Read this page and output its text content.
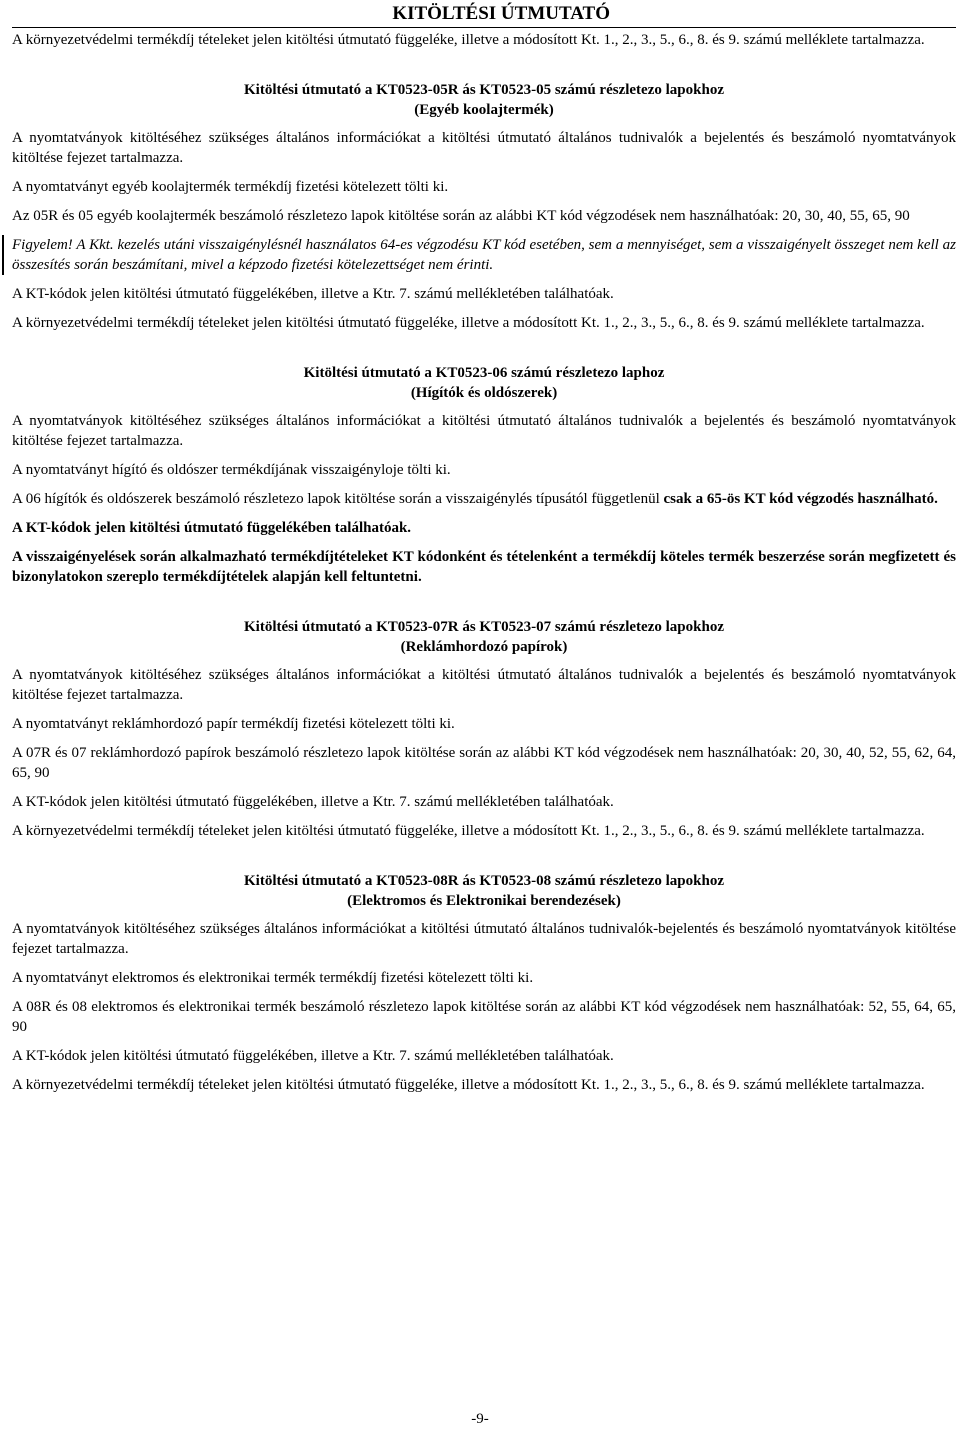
KITÖLTÉSI ÚTMUTATÓ

A környezetvédelmi termékdíj tételeket jelen kitöltési útmutató függeléke, illetve a módosított Kt. 1., 2., 3., 5., 6., 8. és 9. számú melléklete tartalmazza.

Kitöltési útmutató a KT0523-05R ás KT0523-05 számú részletezo lapokhoz

(Egyéb koolajtermék)

A nyomtatványok kitöltéséhez szükséges általános információkat a kitöltési útmutató általános tudnivalók a bejelentés és beszámoló nyomtatványok kitöltése fejezet tartalmazza.

A nyomtatványt egyéb koolajtermék termékdíj fizetési kötelezett tölti ki.

Az 05R és 05 egyéb koolajtermék beszámoló részletezo lapok kitöltése során az alábbi KT kód végzodések nem használhatóak: 20, 30, 40, 55, 65, 90

Figyelem! A Kkt. kezelés utáni visszaigénylésnél használatos 64-es végzodésu KT kód esetében, sem a mennyiséget, sem a visszaigényelt összeget nem kell az összesítés során beszámítani, mivel a képzodo fizetési kötelezettséget nem érinti.

A KT-kódok jelen kitöltési útmutató függelékében, illetve a Ktr. 7. számú mellékletében találhatóak.

A környezetvédelmi termékdíj tételeket jelen kitöltési útmutató függeléke, illetve a módosított Kt. 1., 2., 3., 5., 6., 8. és 9. számú melléklete tartalmazza.

Kitöltési útmutató a KT0523-06 számú részletezo laphoz

(Hígítók és oldószerek)

A nyomtatványok kitöltéséhez szükséges általános információkat a kitöltési útmutató általános tudnivalók a bejelentés és beszámoló nyomtatványok kitöltése fejezet tartalmazza.

A nyomtatványt hígító és oldószer termékdíjának visszaigényloje tölti ki.

A 06 hígítók és oldószerek beszámoló részletezo lapok kitöltése során a visszaigénylés típusától függetlenül csak a 65-ös KT kód végzodés használható.

A KT-kódok jelen kitöltési útmutató függelékében találhatóak.

A visszaigényelések során alkalmazható termékdíjtételeket KT kódonként és tételenként a termékdíj köteles termék beszerzése során megfizetett és bizonylatokon szereplo termékdíjtételek alapján kell feltuntetni.

Kitöltési útmutató a KT0523-07R ás KT0523-07 számú részletezo lapokhoz

(Reklámhordozó papírok)

A nyomtatványok kitöltéséhez szükséges általános információkat a kitöltési útmutató általános tudnivalók a bejelentés és beszámoló nyomtatványok kitöltése fejezet tartalmazza.

A nyomtatványt reklámhordozó papír termékdíj fizetési kötelezett tölti ki.

A 07R és 07 reklámhordozó papírok beszámoló részletezo lapok kitöltése során az alábbi KT kód végzodések nem használhatóak: 20, 30, 40, 52, 55, 62, 64, 65, 90

A KT-kódok jelen kitöltési útmutató függelékében, illetve a Ktr. 7. számú mellékletében találhatóak.

A környezetvédelmi termékdíj tételeket jelen kitöltési útmutató függeléke, illetve a módosított Kt. 1., 2., 3., 5., 6., 8. és 9. számú melléklete tartalmazza.

Kitöltési útmutató a KT0523-08R ás KT0523-08 számú részletezo lapokhoz

(Elektromos és Elektronikai berendezések)

A nyomtatványok kitöltéséhez szükséges általános információkat a kitöltési útmutató általános tudnivalók-bejelentés és beszámoló nyomtatványok kitöltése fejezet tartalmazza.

A nyomtatványt elektromos és elektronikai termék termékdíj fizetési kötelezett tölti ki.

A 08R és 08 elektromos és elektronikai termék beszámoló részletezo lapok kitöltése során az alábbi KT kód végzodések nem használhatóak: 52, 55, 64, 65, 90

A KT-kódok jelen kitöltési útmutató függelékében, illetve a Ktr. 7. számú mellékletében találhatóak.

A környezetvédelmi termékdíj tételeket jelen kitöltési útmutató függeléke, illetve a módosított Kt. 1., 2., 3., 5., 6., 8. és 9. számú melléklete tartalmazza.

-9-
